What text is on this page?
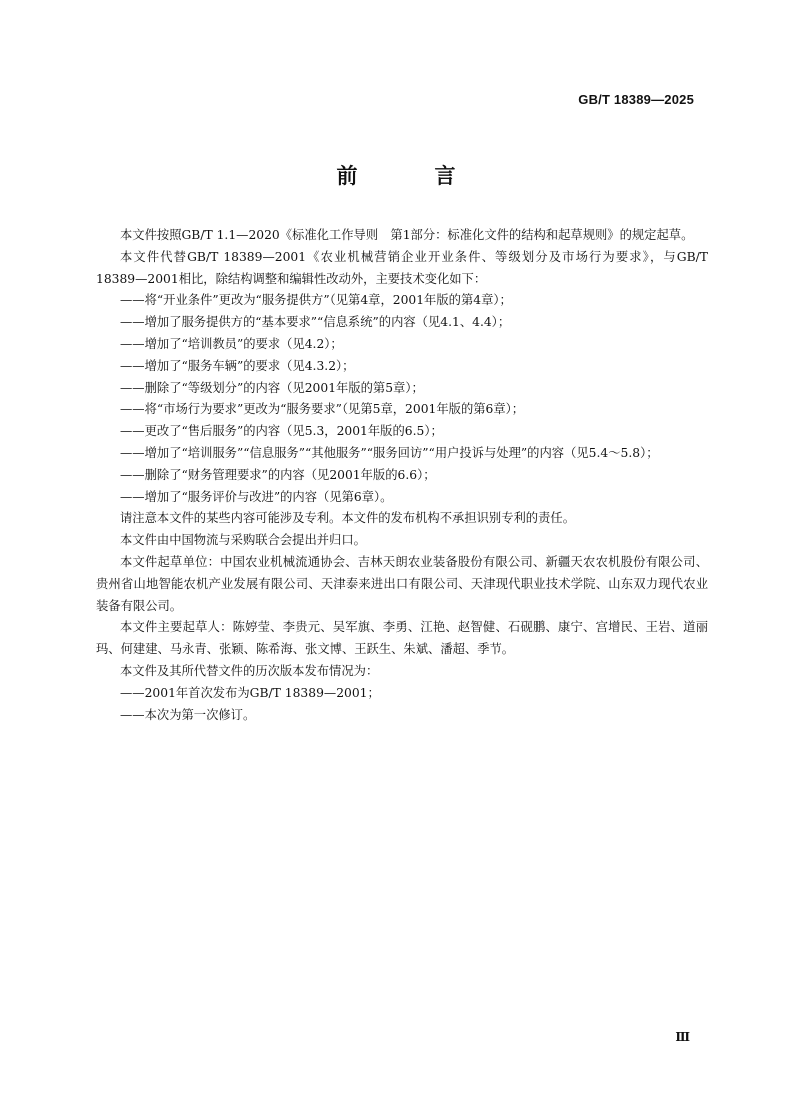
GB/T 18389—2025
前　言

本文件按照GB/T 1.1—2020《标准化工作导则　第1部分：标准化文件的结构和起草规则》的规定起草。

本文件代替GB/T 18389—2001《农业机械营销企业开业条件、等级划分及市场行为要求》，与GB/T 18389—2001相比，除结构调整和编辑性改动外，主要技术变化如下：

——将“开业条件”更改为“服务提供方”（见第4章，2001年版的第4章）；

——增加了服务提供方的“基本要求”“信息系统”的内容（见4.1、4.4）；

——增加了“培训教员”的要求（见4.2）；

——增加了“服务车辆”的要求（见4.3.2）；

——删除了“等级划分”的内容（见2001年版的第5章）；

——将“市场行为要求”更改为“服务要求”（见第5章，2001年版的第6章）；

——更改了“售后服务”的内容（见5.3，2001年版的6.5）；

——增加了“培训服务”“信息服务”“其他服务”“服务回访”“用户投诉与处理”的内容（见5.4～5.8）；

——删除了“财务管理要求”的内容（见2001年版的6.6）；

——增加了“服务评价与改进”的内容（见第6章）。

请注意本文件的某些内容可能涉及专利。本文件的发布机构不承担识别专利的责任。

本文件由中国物流与采购联合会提出并归口。

本文件起草单位：中国农业机械流通协会、吉林天朗农业装备股份有限公司、新疆天农农机股份有限公司、贵州省山地智能农机产业发展有限公司、天津泰来进出口有限公司、天津现代职业技术学院、山东双力现代农业装备有限公司。

本文件主要起草人：陈婷莹、李贵元、吴军旗、李勇、江艳、赵智健、石砚鹏、康宁、宫增民、王岩、道丽玛、何建建、马永青、张颖、陈希海、张文博、王跃生、朱斌、潘超、季节。

本文件及其所代替文件的历次版本发布情况为：

——2001年首次发布为GB/T 18389—2001；

——本次为第一次修订。

Ⅲ
